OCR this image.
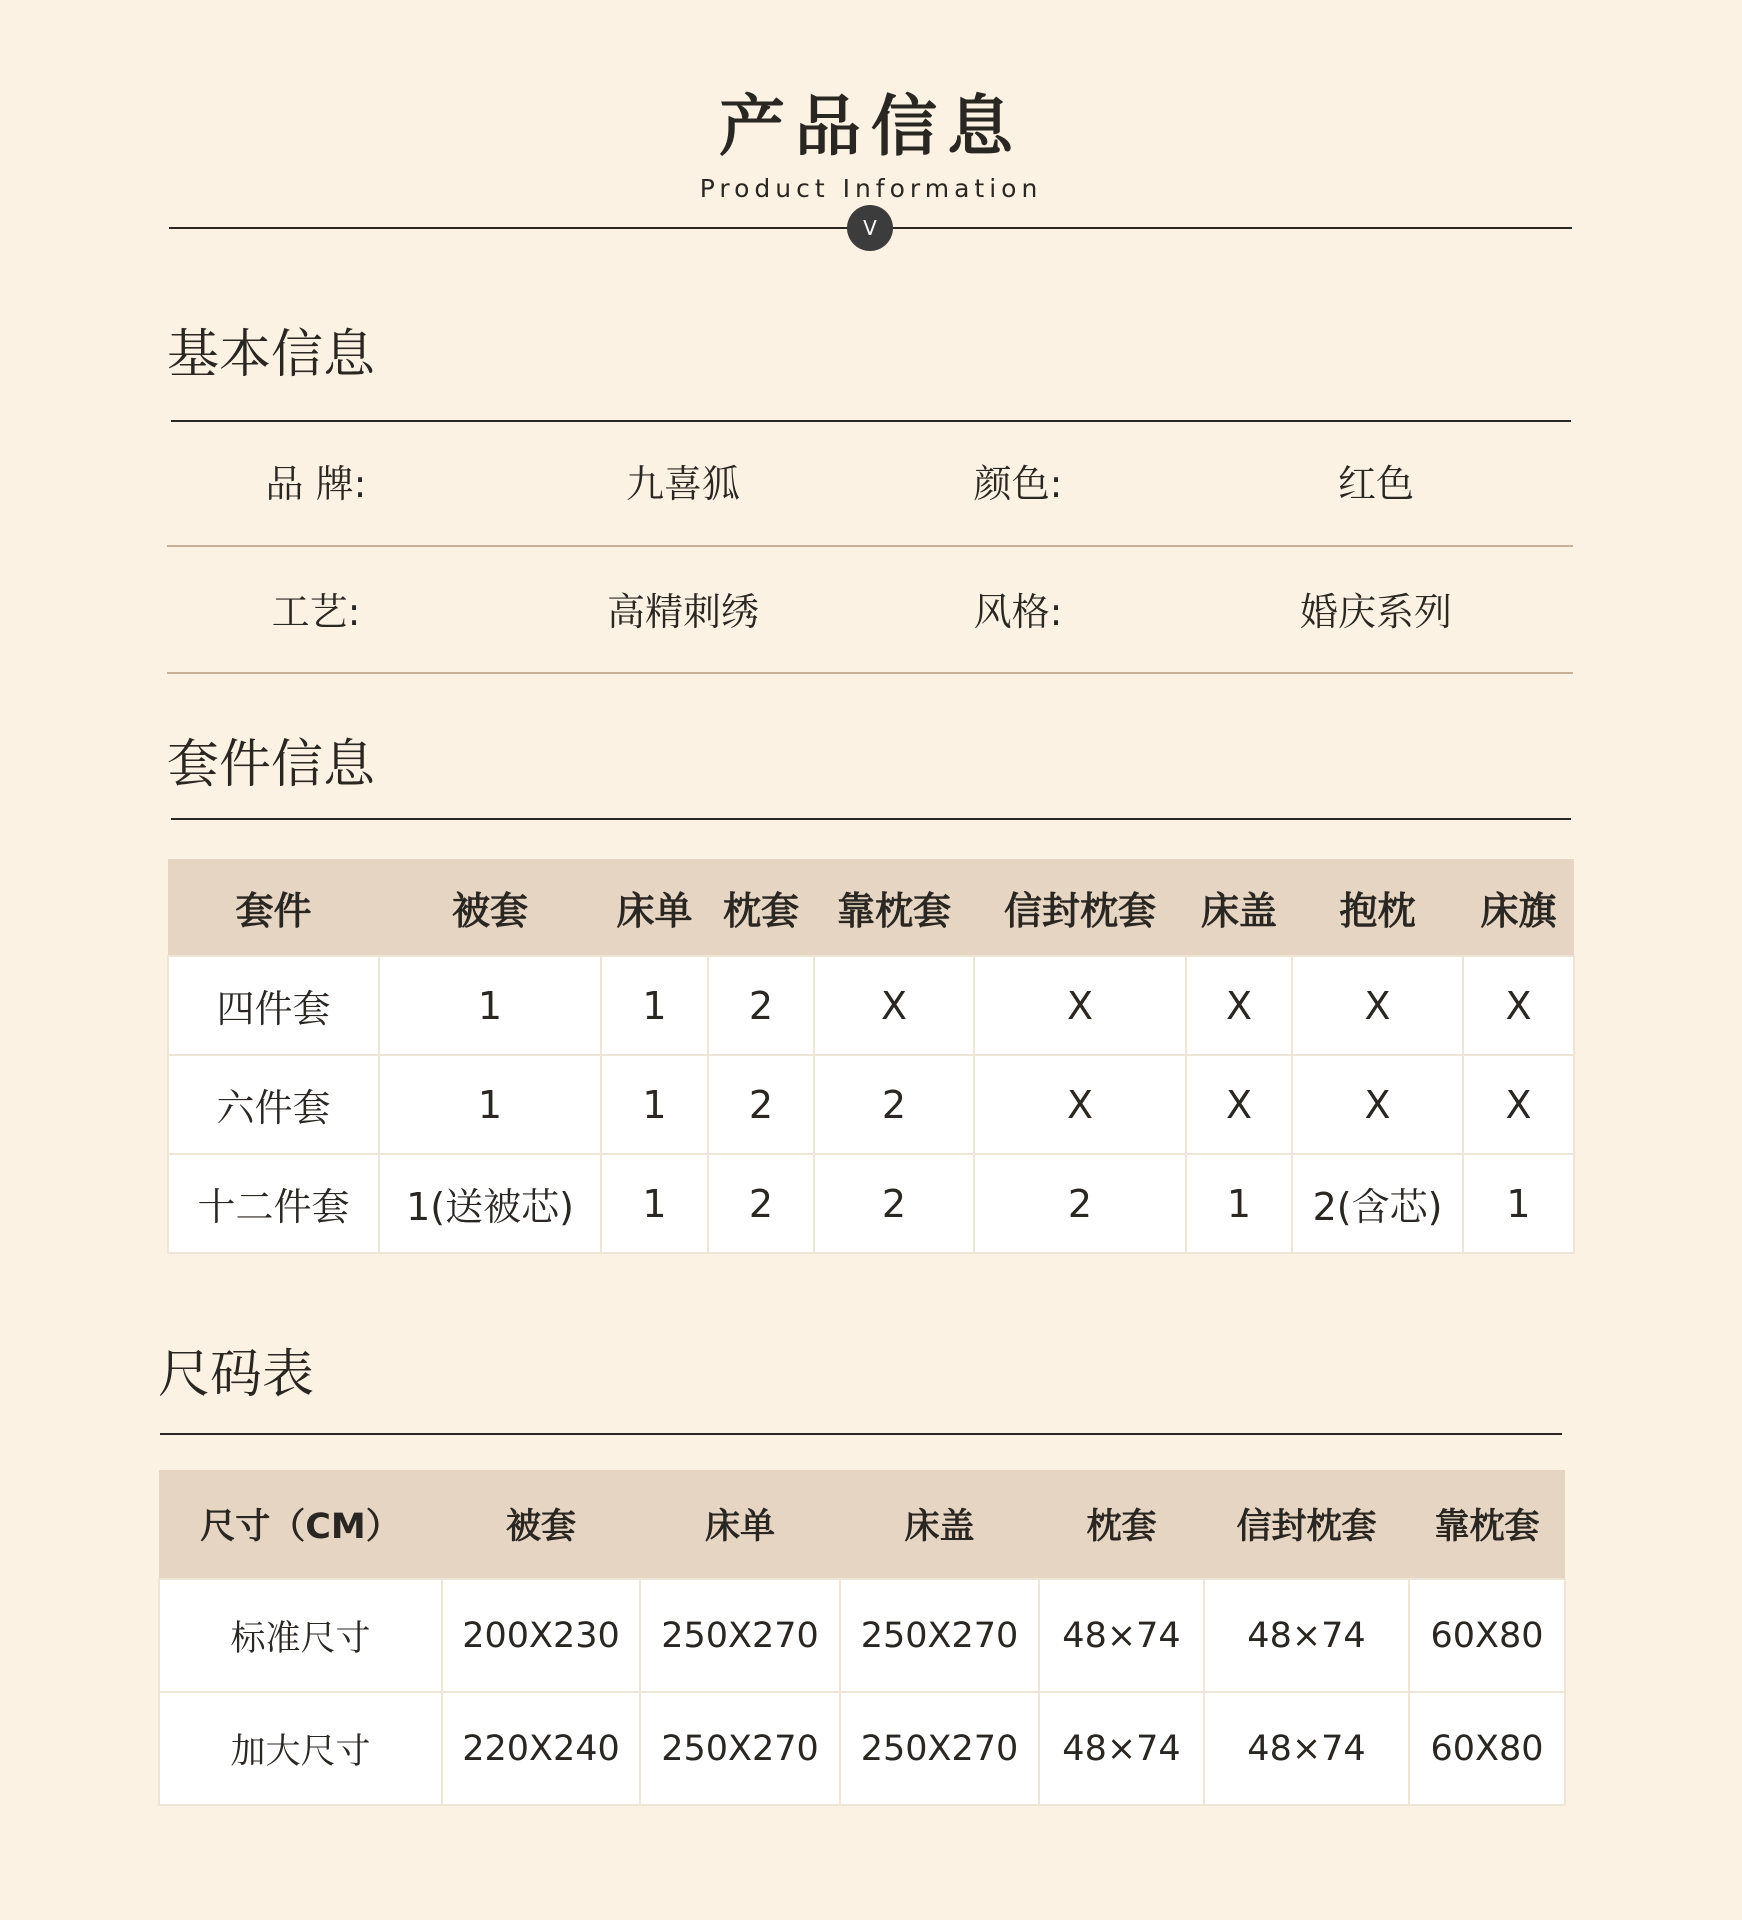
产品信息
Product Information
V
基本信息
品 牌:	九喜狐	颜色:	红色
工艺:	高精刺绣	风格:	婚庆系列
套件信息
套件	被套	床单	枕套	靠枕套	信封枕套	床盖	抱枕	床旗
四件套	1	1	2	X	X	X	X	X
六件套	1	1	2	2	X	X	X	X
十二件套	1(送被芯)	1	2	2	2	1	2(含芯)	1
尺码表
尺寸（CM）	被套	床单	床盖	枕套	信封枕套	靠枕套
标准尺寸	200X230	250X270	250X270	48×74	48×74	60X80
加大尺寸	220X240	250X270	250X270	48×74	48×74	60X80
